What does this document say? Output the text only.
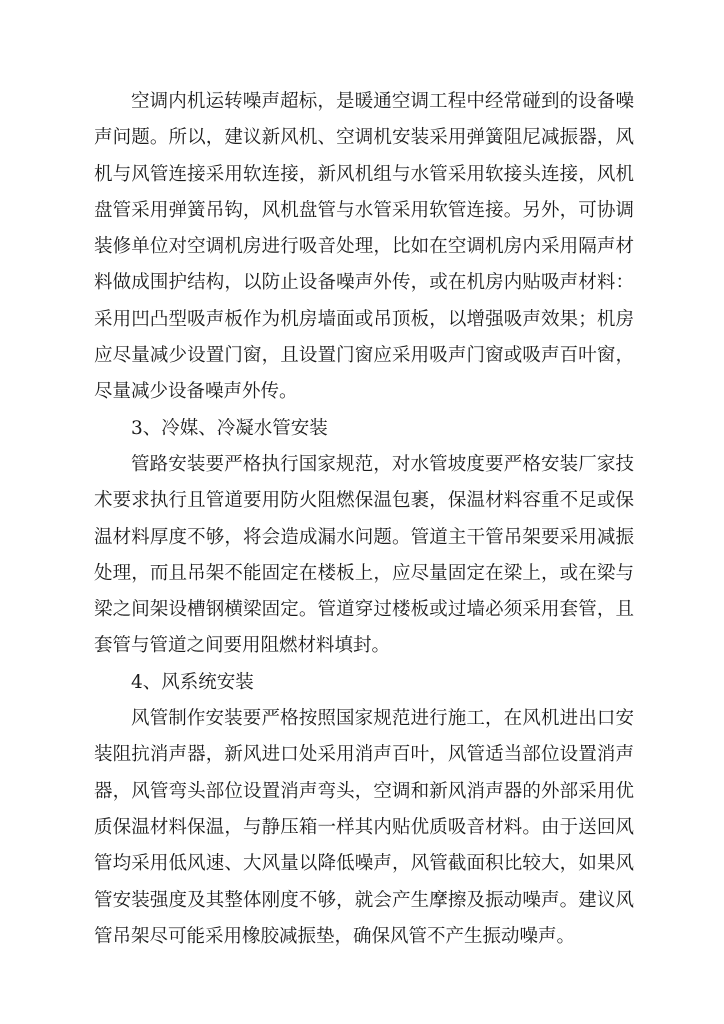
空调内机运转噪声超标，是暖通空调工程中经常碰到的设备噪声问题。所以，建议新风机、空调机安装采用弹簧阻尼减振器，风机与风管连接采用软连接，新风机组与水管采用软接头连接，风机盘管采用弹簧吊钩，风机盘管与水管采用软管连接。另外，可协调装修单位对空调机房进行吸音处理，比如在空调机房内采用隔声材料做成围护结构，以防止设备噪声外传，或在机房内贴吸声材料：采用凹凸型吸声板作为机房墙面或吊顶板，以增强吸声效果；机房应尽量减少设置门窗，且设置门窗应采用吸声门窗或吸声百叶窗，尽量减少设备噪声外传。

3、冷媒、冷凝水管安装

管路安装要严格执行国家规范，对水管坡度要严格安装厂家技术要求执行且管道要用防火阻燃保温包裹，保温材料容重不足或保温材料厚度不够，将会造成漏水问题。管道主干管吊架要采用减振处理，而且吊架不能固定在楼板上，应尽量固定在梁上，或在梁与梁之间架设槽钢横梁固定。管道穿过楼板或过墙必须采用套管，且套管与管道之间要用阻燃材料填封。

4、风系统安装

风管制作安装要严格按照国家规范进行施工，在风机进出口安装阻抗消声器，新风进口处采用消声百叶，风管适当部位设置消声器，风管弯头部位设置消声弯头，空调和新风消声器的外部采用优质保温材料保温，与静压箱一样其内贴优质吸音材料。由于送回风管均采用低风速、大风量以降低噪声，风管截面积比较大，如果风管安装强度及其整体刚度不够，就会产生摩擦及振动噪声。建议风管吊架尽可能采用橡胶减振垫，确保风管不产生振动噪声。
